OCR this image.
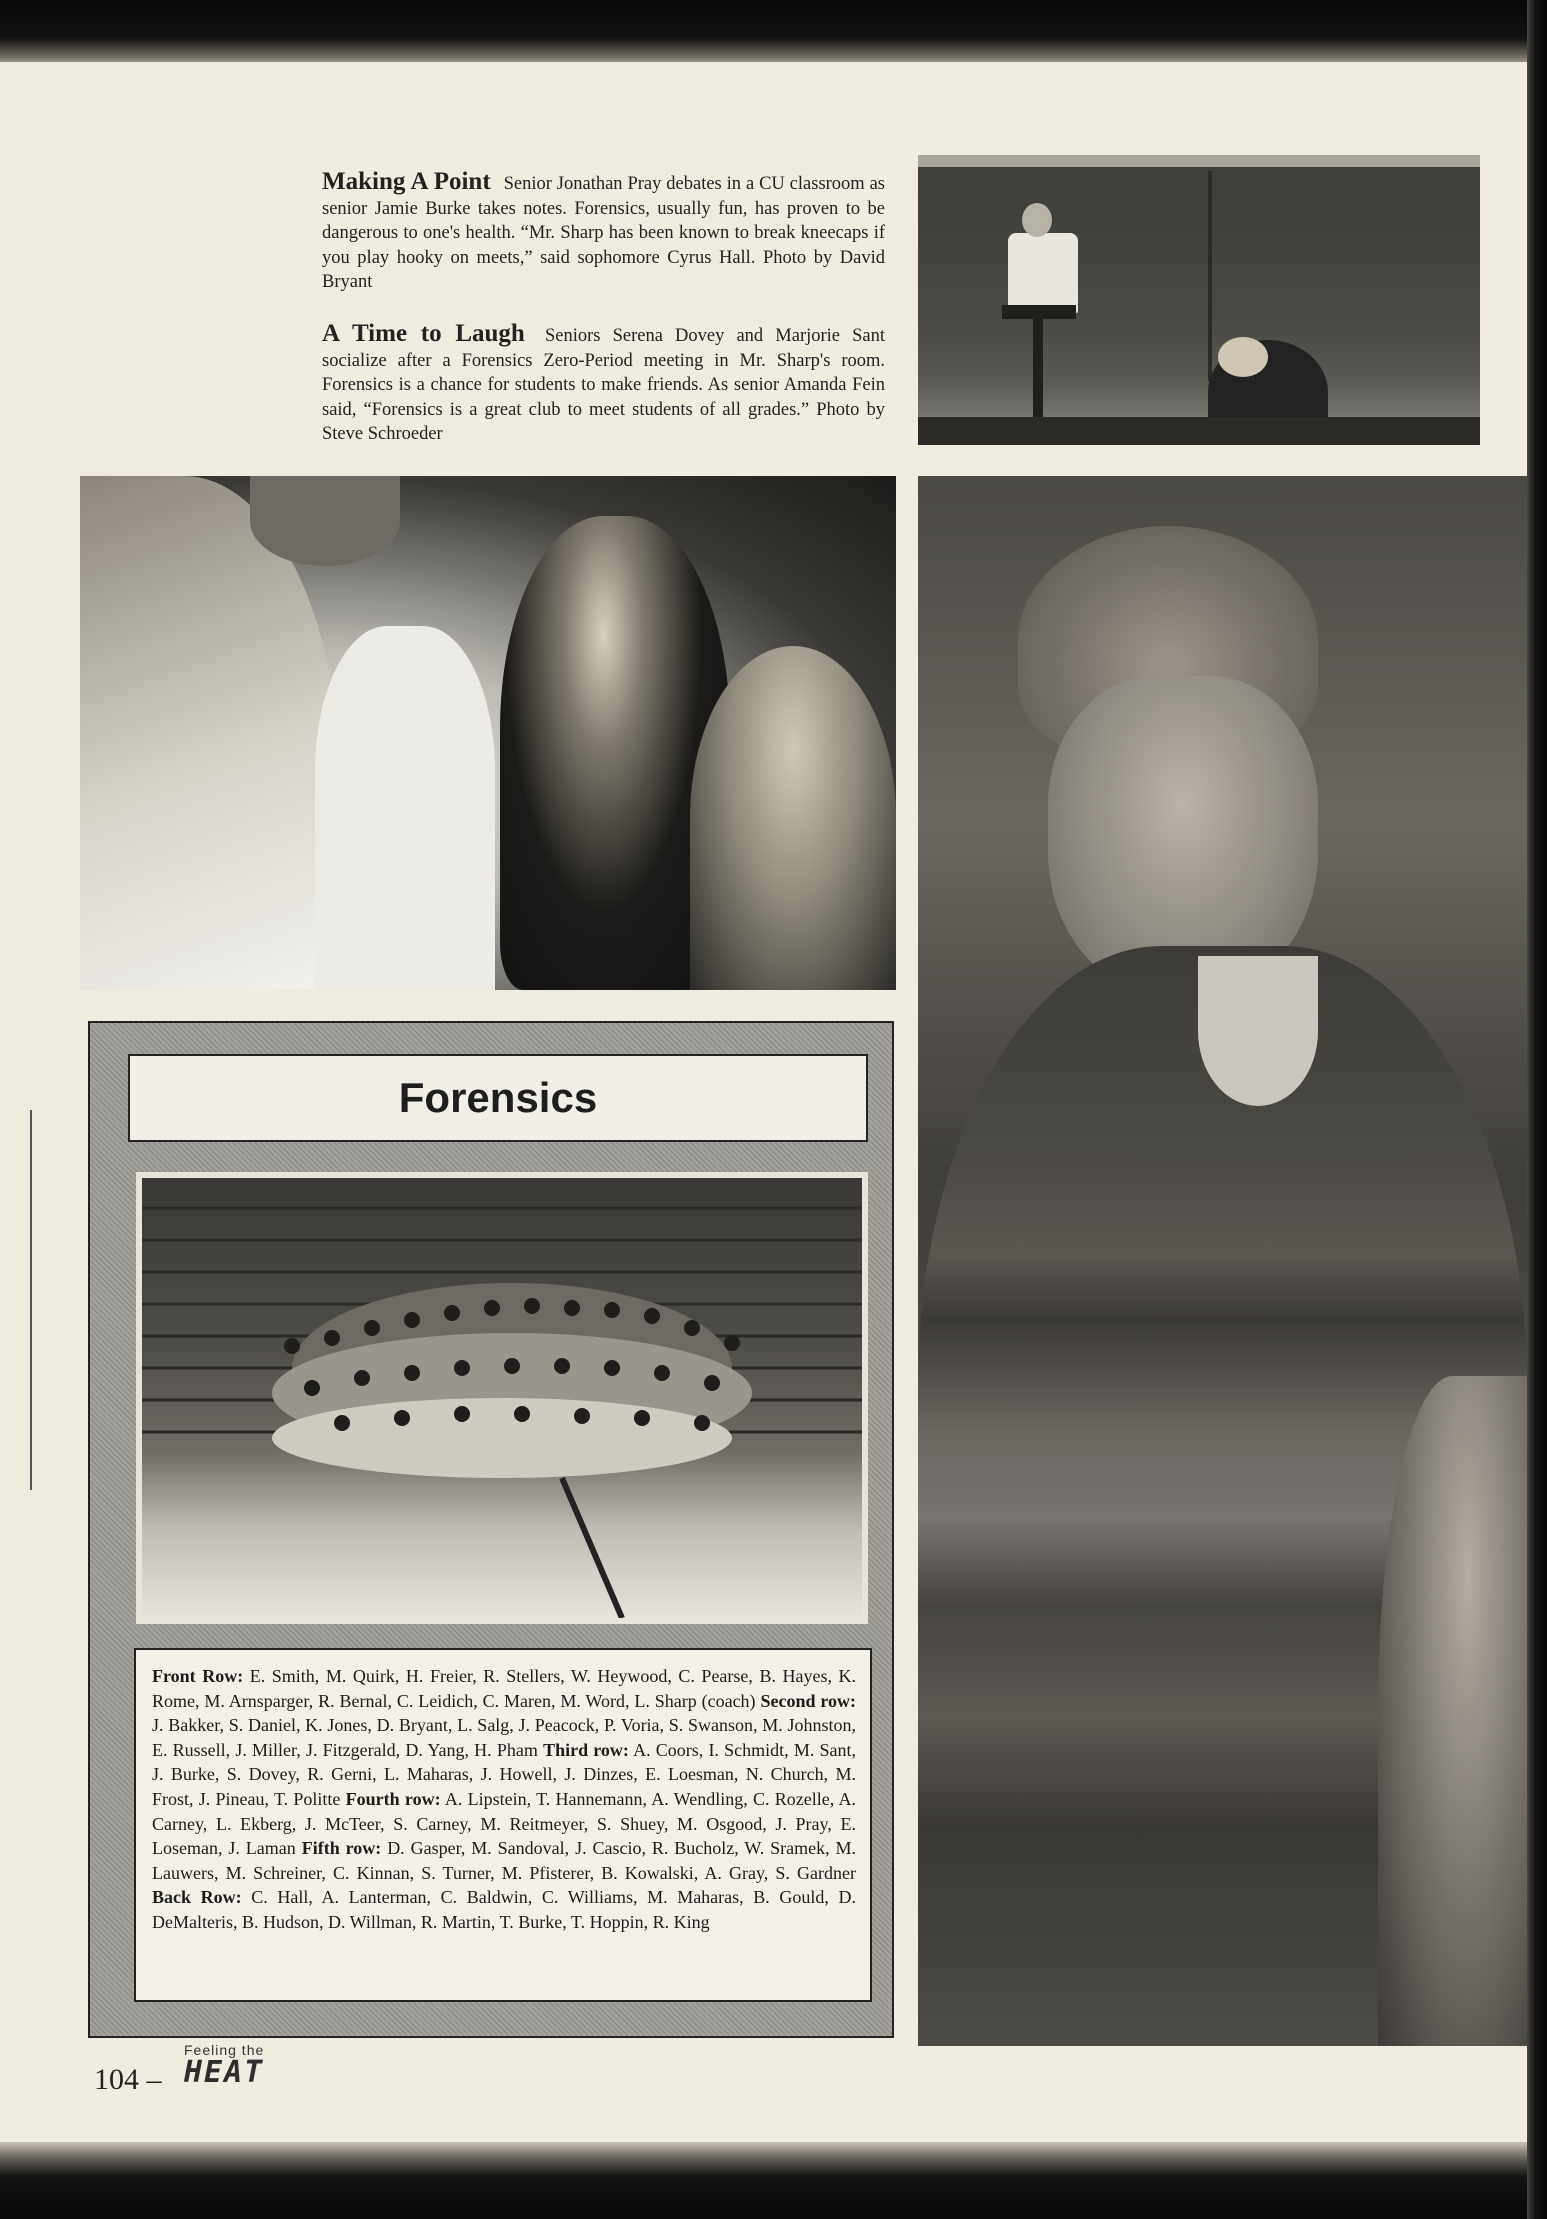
Making A Point Senior Jonathan Pray debates in a CU classroom as senior Jamie Burke takes notes. Forensics, usually fun, has proven to be dangerous to one's health. “Mr. Sharp has been known to break kneecaps if you play hooky on meets,” said sophomore Cyrus Hall. Photo by David Bryant
A Time to Laugh Seniors Serena Dovey and Marjorie Sant socialize after a Forensics Zero-Period meeting in Mr. Sharp's room. Forensics is a chance for students to make friends. As senior Amanda Fein said, “Forensics is a great club to meet students of all grades.” Photo by Steve Schroeder
Forensics
Front Row: E. Smith, M. Quirk, H. Freier, R. Stellers, W. Heywood, C. Pearse, B. Hayes, K. Rome, M. Arnsparger, R. Bernal, C. Leidich, C. Maren, M. Word, L. Sharp (coach) Second row: J. Bakker, S. Daniel, K. Jones, D. Bryant, L. Salg, J. Peacock, P. Voria, S. Swanson, M. Johnston, E. Russell, J. Miller, J. Fitzgerald, D. Yang, H. Pham Third row: A. Coors, I. Schmidt, M. Sant, J. Burke, S. Dovey, R. Gerni, L. Maharas, J. Howell, J. Dinzes, E. Loesman, N. Church, M. Frost, J. Pineau, T. Politte Fourth row: A. Lipstein, T. Hannemann, A. Wendling, C. Rozelle, A. Carney, L. Ekberg, J. McTeer, S. Carney, M. Reitmeyer, S. Shuey, M. Osgood, J. Pray, E. Loseman, J. Laman Fifth row: D. Gasper, M. Sandoval, J. Cascio, R. Bucholz, W. Sramek, M. Lauwers, M. Schreiner, C. Kinnan, S. Turner, M. Pfisterer, B. Kowalski, A. Gray, S. Gardner Back Row: C. Hall, A. Lanterman, C. Baldwin, C. Williams, M. Maharas, B. Gould, D. DeMalteris, B. Hudson, D. Willman, R. Martin, T. Burke, T. Hoppin, R. King
104 –
Feeling the
HEAT
